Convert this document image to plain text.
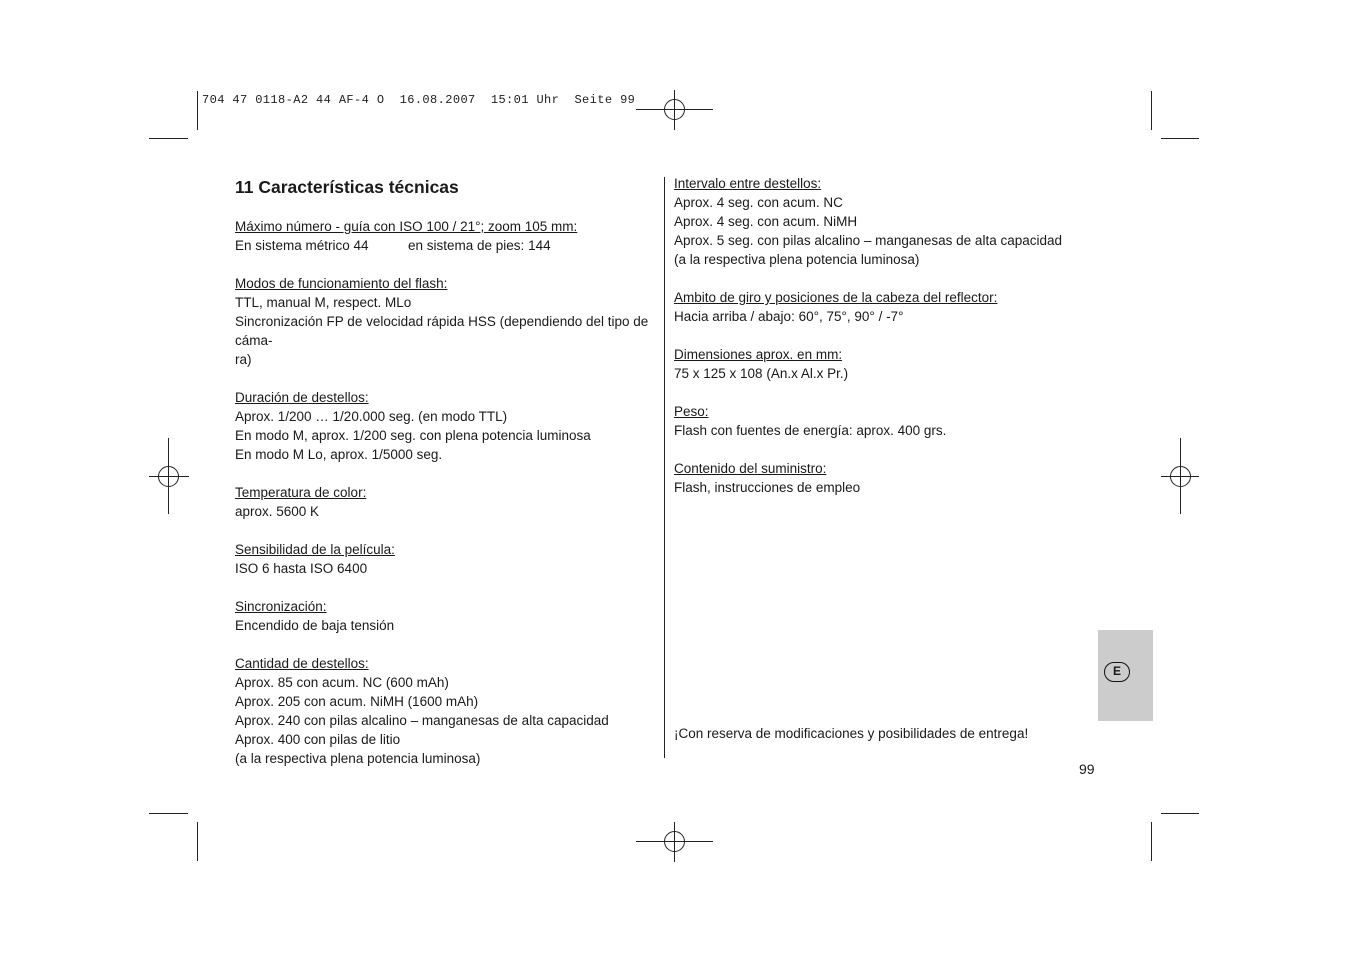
704 47 0118-A2 44 AF-4 O  16.08.2007  15:01 Uhr  Seite 99
11 Características técnicas
Máximo número - guía con ISO 100 / 21°; zoom 105 mm:
En sistema métrico 44	en sistema de pies: 144
Modos de funcionamiento del flash:
TTL, manual M, respect. MLo
Sincronización FP de velocidad rápida HSS (dependiendo del tipo de cáma-
ra)
Duración de destellos:
Aprox. 1/200 … 1/20.000 seg. (en modo TTL)
En modo M, aprox. 1/200 seg. con plena potencia luminosa
En modo M Lo, aprox. 1/5000 seg.
Temperatura de color:
aprox. 5600 K
Sensibilidad de la película:
ISO 6 hasta ISO 6400
Sincronización:
Encendido de baja tensión
Cantidad de destellos:
Aprox. 85 con acum. NC (600 mAh)
Aprox. 205 con acum. NiMH (1600 mAh)
Aprox. 240 con pilas alcalino – manganesas de alta capacidad
Aprox. 400 con pilas de litio
(a la respectiva plena potencia luminosa)
Intervalo entre destellos:
Aprox. 4 seg. con acum. NC
Aprox. 4 seg. con acum. NiMH
Aprox. 5 seg. con pilas alcalino – manganesas de alta capacidad
(a la respectiva plena potencia luminosa)
Ambito de giro y posiciones de la cabeza del reflector:
Hacia arriba / abajo: 60°, 75°, 90° / -7°
Dimensiones aprox. en mm:
75 x 125 x 108 (An.x Al.x Pr.)
Peso:
Flash con fuentes de energía: aprox. 400 grs.
Contenido del suministro:
Flash, instrucciones de empleo
¡Con reserva de modificaciones y posibilidades de entrega!
E
99
